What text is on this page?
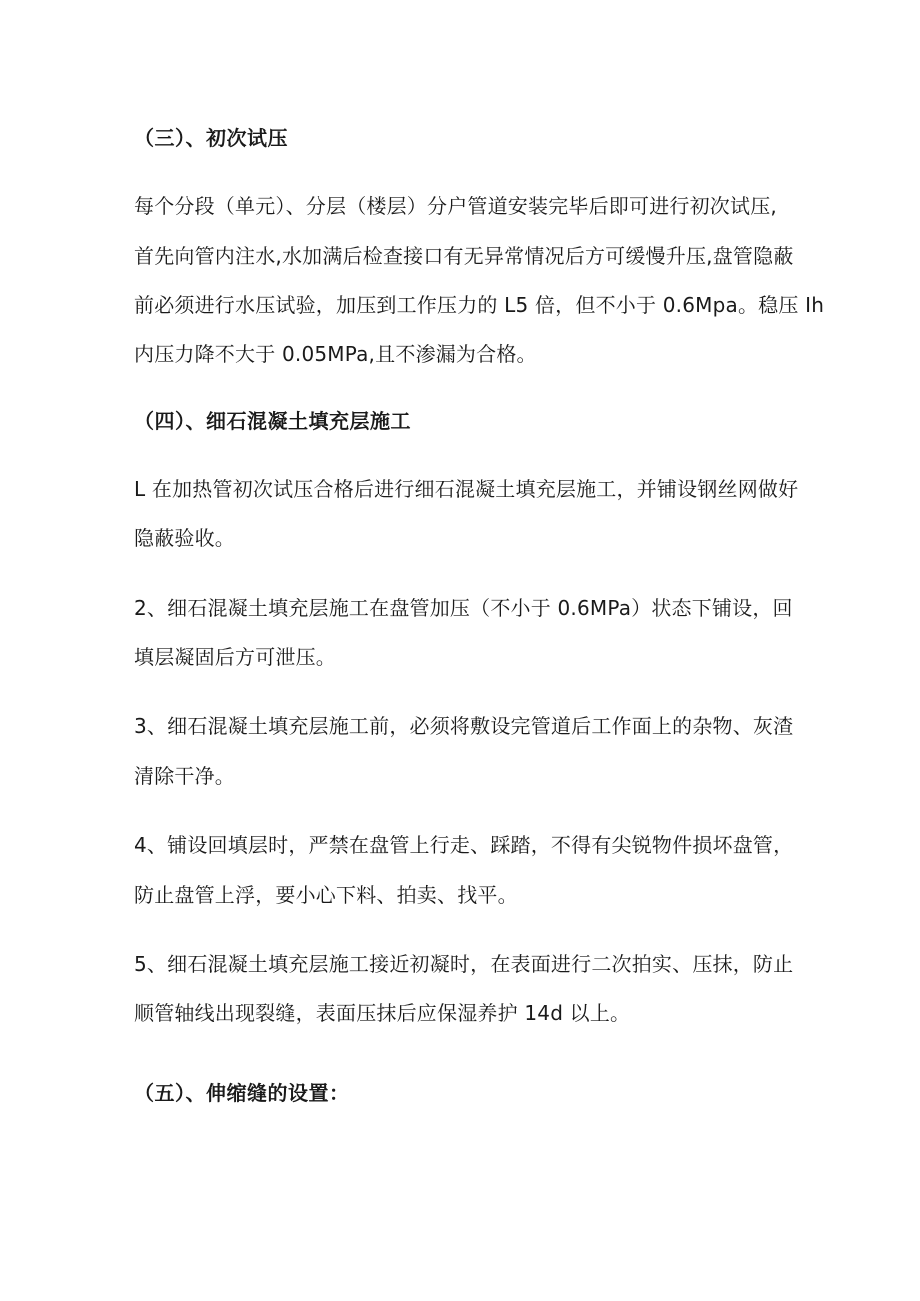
（三）、初次试压
每个分段（单元）、分层（楼层）分户管道安装完毕后即可进行初次试压,
首先向管内注水,水加满后检查接口有无异常情况后方可缓慢升压,盘管隐蔽
前必须进行水压试验，加压到工作压力的 L5 倍，但不小于 0.6Mpa。稳压 Ih
内压力降不大于 0.05MPa,且不渗漏为合格。
（四）、细石混凝土填充层施工
L 在加热管初次试压合格后进行细石混凝土填充层施工，并铺设钢丝网做好
隐蔽验收。
2、细石混凝土填充层施工在盘管加压（不小于 0.6MPa）状态下铺设，回
填层凝固后方可泄压。
3、细石混凝土填充层施工前，必须将敷设完管道后工作面上的杂物、灰渣
清除干净。
4、铺设回填层时，严禁在盘管上行走、踩踏，不得有尖锐物件损坏盘管，
防止盘管上浮，要小心下料、拍卖、找平。
5、细石混凝土填充层施工接近初凝时，在表面进行二次拍实、压抹，防止
顺管轴线出现裂缝，表面压抹后应保湿养护 14d 以上。
（五）、伸缩缝的设置：
